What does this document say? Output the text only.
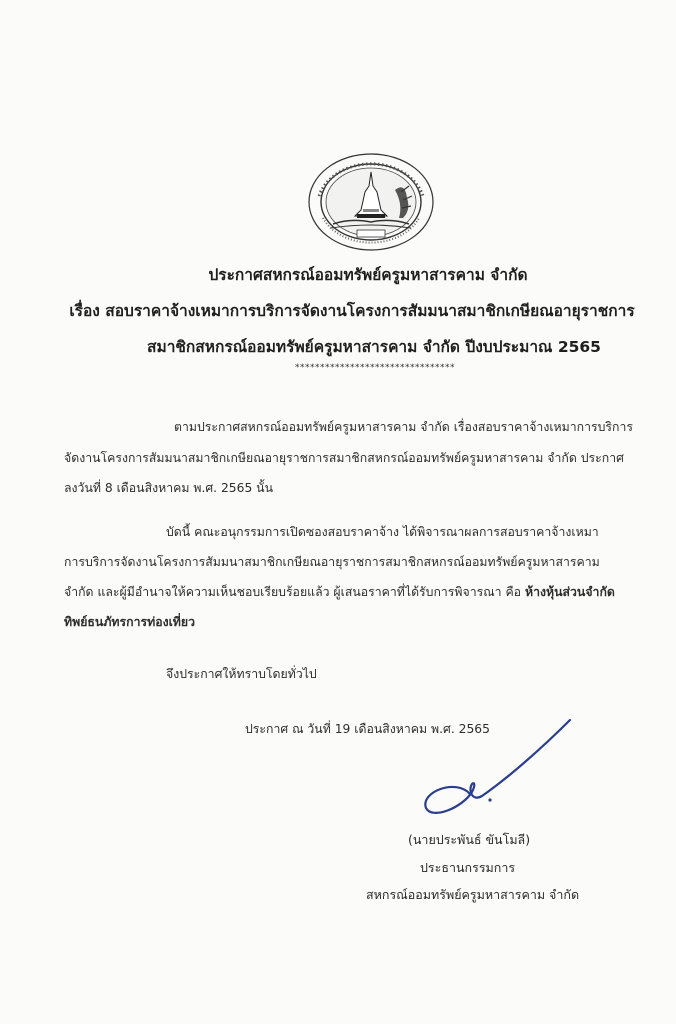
ประกาศสหกรณ์ออมทรัพย์ครูมหาสารคาม จำกัด
เรื่อง สอบราคาจ้างเหมาการบริการจัดงานโครงการสัมมนาสมาชิกเกษียณอายุราชการ
สมาชิกสหกรณ์ออมทรัพย์ครูมหาสารคาม จำกัด ปีงบประมาณ 2565
********************************
ตามประกาศสหกรณ์ออมทรัพย์ครูมหาสารคาม จำกัด เรื่องสอบราคาจ้างเหมาการบริการ
จัดงานโครงการสัมมนาสมาชิกเกษียณอายุราชการสมาชิกสหกรณ์ออมทรัพย์ครูมหาสารคาม จำกัด ประกาศ
ลงวันที่ 8 เดือนสิงหาคม พ.ศ. 2565 นั้น
บัดนี้ คณะอนุกรรมการเปิดซองสอบราคาจ้าง ได้พิจารณาผลการสอบราคาจ้างเหมา
การบริการจัดงานโครงการสัมมนาสมาชิกเกษียณอายุราชการสมาชิกสหกรณ์ออมทรัพย์ครูมหาสารคาม
จำกัด และผู้มีอำนาจให้ความเห็นชอบเรียบร้อยแล้ว ผู้เสนอราคาที่ได้รับการพิจารณา คือ ห้างหุ้นส่วนจำกัด
ทิพย์ธนภัทรการท่องเที่ยว
จึงประกาศให้ทราบโดยทั่วไป
ประกาศ ณ วันที่ 19 เดือนสิงหาคม พ.ศ. 2565
(นายประพันธ์ ขันโมลี)
ประธานกรรมการ
สหกรณ์ออมทรัพย์ครูมหาสารคาม จำกัด
